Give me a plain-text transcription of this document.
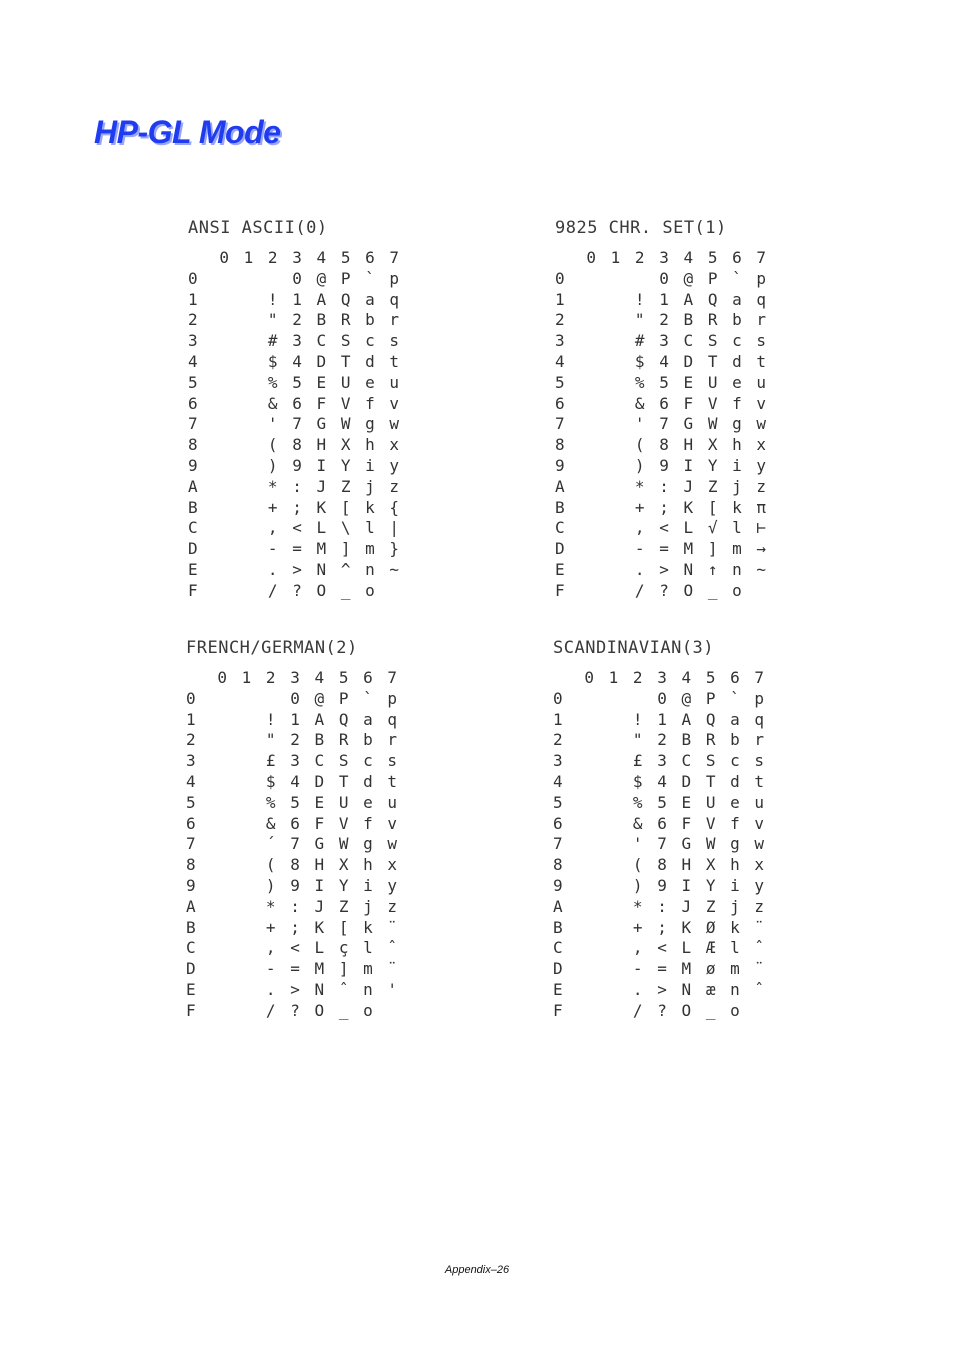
HP-GL Mode
ANSI ASCII(0)
0 1 2 3 4 5 6 7
0	0 @ P ` p
1	! 1 A Q a q
2	" 2 B R b r
3	# 3 C S c s
4	$ 4 D T d t
5	% 5 E U e u
6	& 6 F V f v
7	' 7 G W g w
8	( 8 H X h x
9	) 9 I Y i y
A	* : J Z j z
B	+ ; K [ k {
C	, < L \ l |
D	- = M ] m }
E	. > N ^ n ~
F	/ ? O _ o
9825 CHR. SET(1)
0 1 2 3 4 5 6 7
0	0 @ P ` p
1	! 1 A Q a q
2	" 2 B R b r
3	# 3 C S c s
4	$ 4 D T d t
5	% 5 E U e u
6	& 6 F V f v
7	' 7 G W g w
8	( 8 H X h x
9	) 9 I Y i y
A	* : J Z j z
B	+ ; K [ k π
C	, < L √ l ⊢
D	- = M ] m →
E	. > N ↑ n ~
F	/ ? O _ o
FRENCH/GERMAN(2)
0 1 2 3 4 5 6 7
0	0 @ P ` p
1	! 1 A Q a q
2	" 2 B R b r
3	£ 3 C S c s
4	$ 4 D T d t
5	% 5 E U e u
6	& 6 F V f v
7	´ 7 G W g w
8	( 8 H X h x
9	) 9 I Y i y
A	* : J Z j z
B	+ ; K [ k ¨
C	, < L ç l ˆ
D	- = M ] m ¨
E	. > N ˆ n '
F	/ ? O _ o
SCANDINAVIAN(3)
0 1 2 3 4 5 6 7
0	0 @ P ` p
1	! 1 A Q a q
2	" 2 B R b r
3	£ 3 C S c s
4	$ 4 D T d t
5	% 5 E U e u
6	& 6 F V f v
7	' 7 G W g w
8	( 8 H X h x
9	) 9 I Y i y
A	* : J Z j z
B	+ ; K Ø k ¨
C	, < L Æ l ˆ
D	- = M ø m ¨
E	. > N æ n ˆ
F	/ ? O _ o
Appendix–26
